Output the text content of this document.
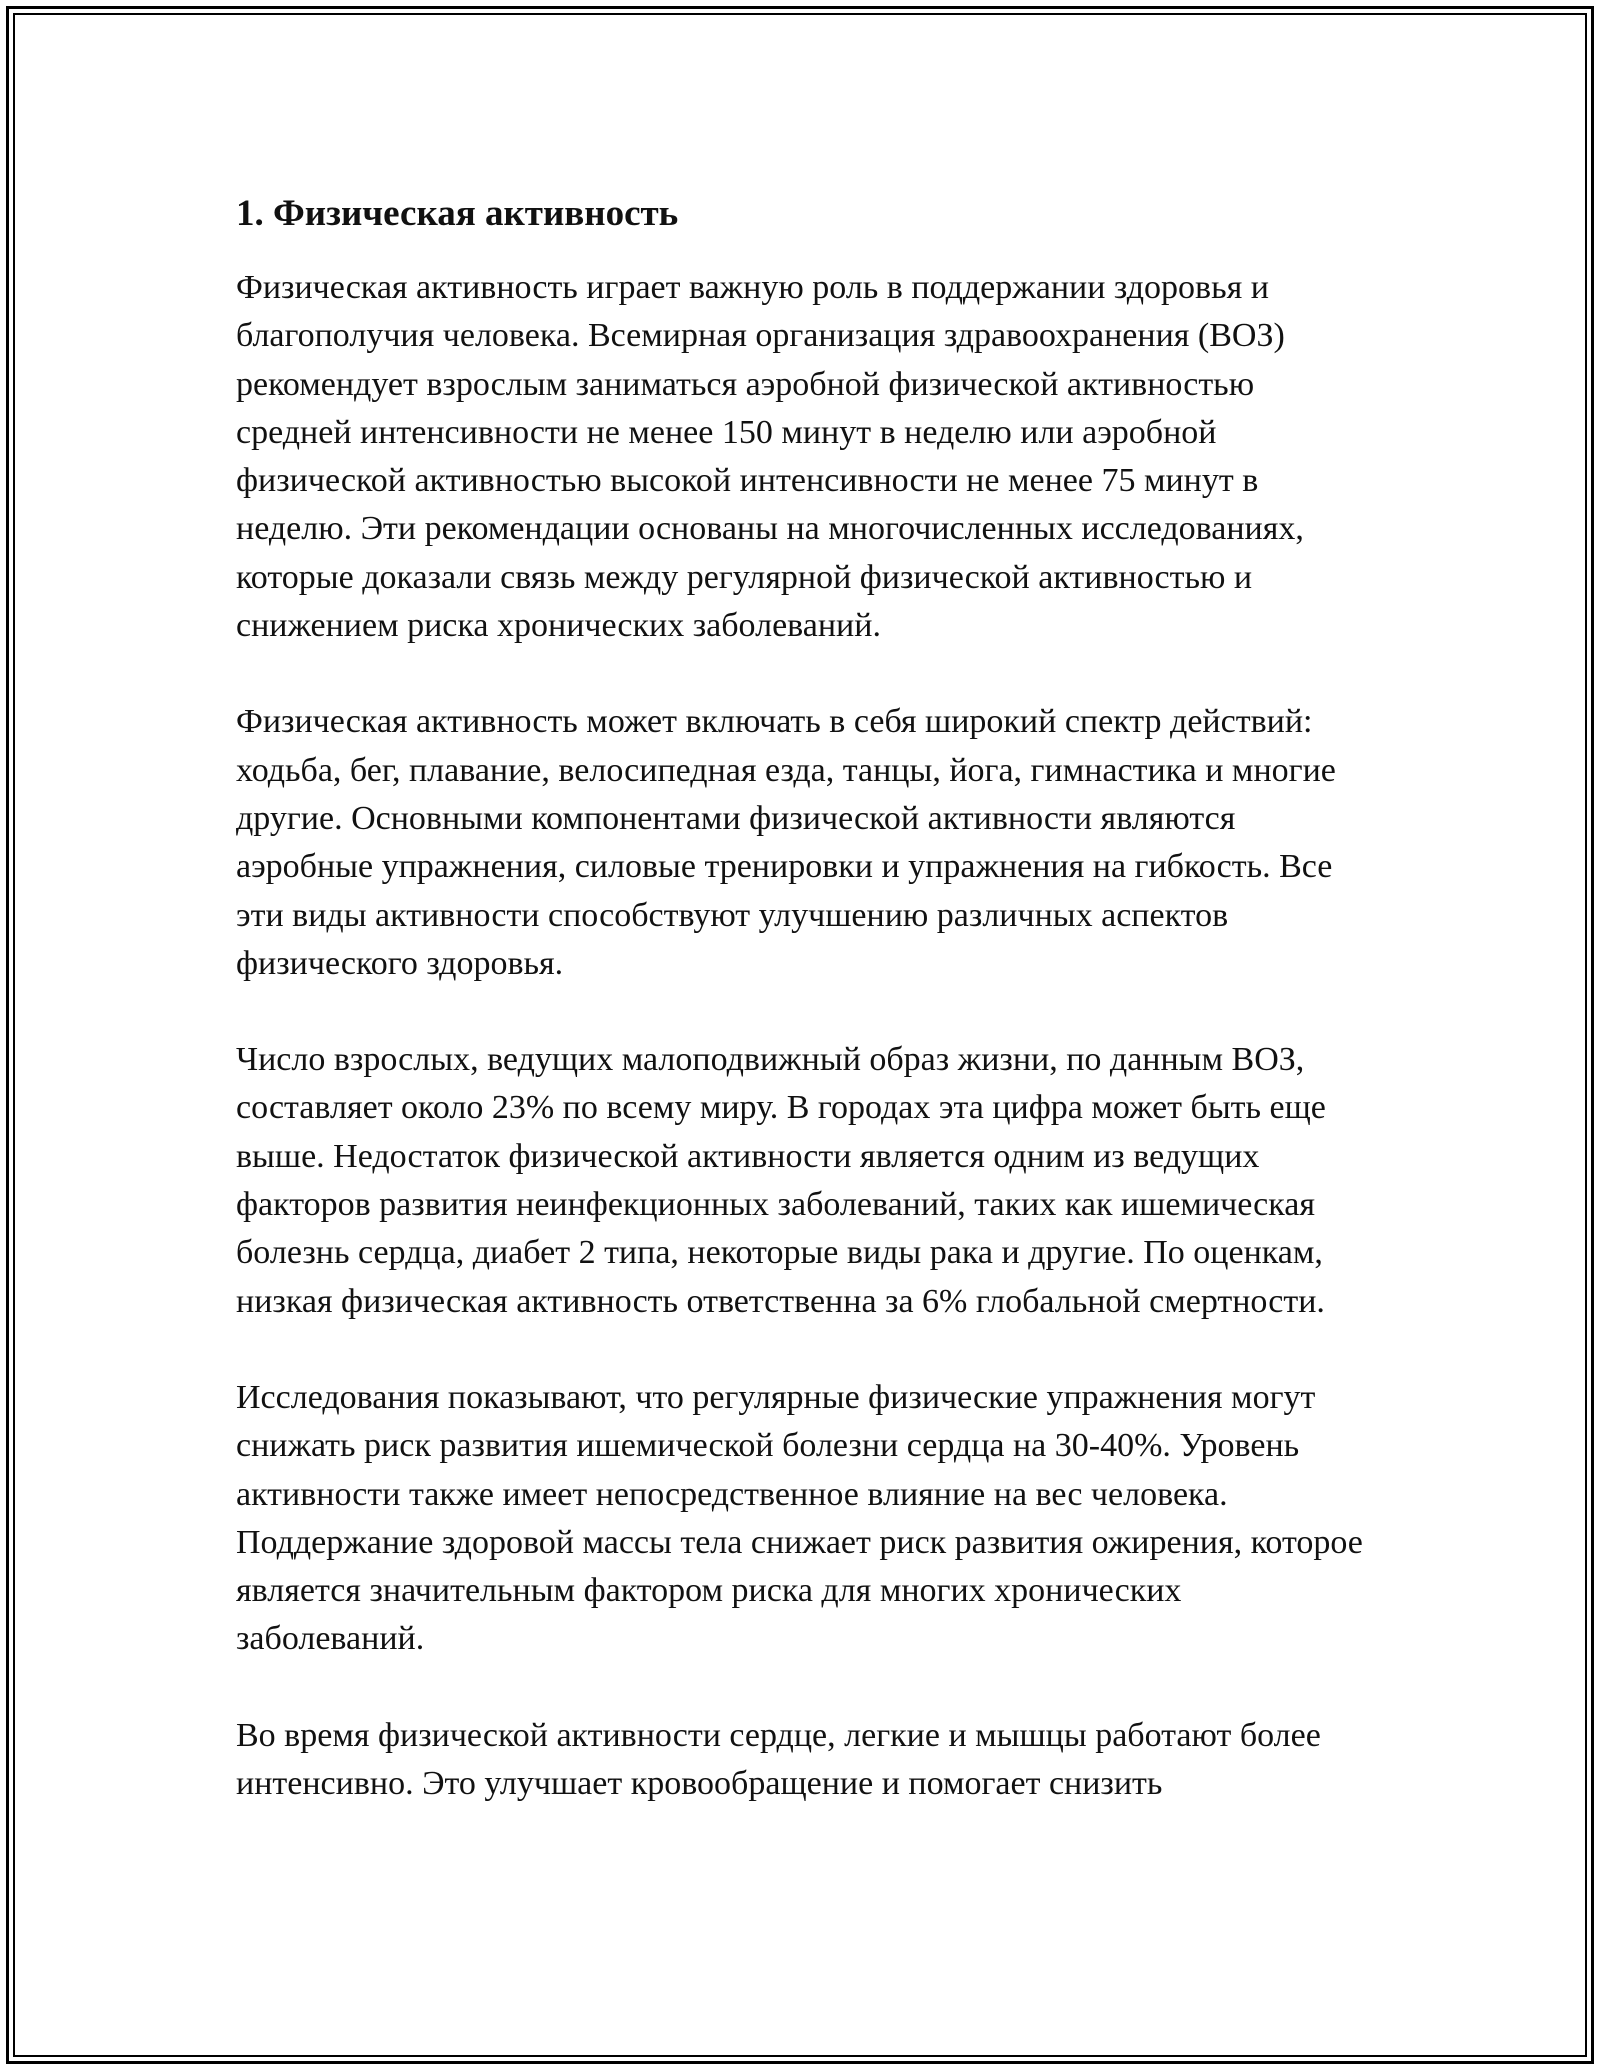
1. Физическая активность

Физическая активность играет важную роль в поддержании здоровья и благополучия человека. Всемирная организация здравоохранения (ВОЗ) рекомендует взрослым заниматься аэробной физической активностью средней интенсивности не менее 150 минут в неделю или аэробной физической активностью высокой интенсивности не менее 75 минут в неделю. Эти рекомендации основаны на многочисленных исследованиях, которые доказали связь между регулярной физической активностью и снижением риска хронических заболеваний.

Физическая активность может включать в себя широкий спектр действий: ходьба, бег, плавание, велосипедная езда, танцы, йога, гимнастика и многие другие. Основными компонентами физической активности являются аэробные упражнения, силовые тренировки и упражнения на гибкость. Все эти виды активности способствуют улучшению различных аспектов физического здоровья.

Число взрослых, ведущих малоподвижный образ жизни, по данным ВОЗ, составляет около 23% по всему миру. В городах эта цифра может быть еще выше. Недостаток физической активности является одним из ведущих факторов развития неинфекционных заболеваний, таких как ишемическая болезнь сердца, диабет 2 типа, некоторые виды рака и другие. По оценкам, низкая физическая активность ответственна за 6% глобальной смертности.

Исследования показывают, что регулярные физические упражнения могут снижать риск развития ишемической болезни сердца на 30-40%. Уровень активности также имеет непосредственное влияние на вес человека. Поддержание здоровой массы тела снижает риск развития ожирения, которое является значительным фактором риска для многих хронических заболеваний.

Во время физической активности сердце, легкие и мышцы работают более интенсивно. Это улучшает кровообращение и помогает снизить
